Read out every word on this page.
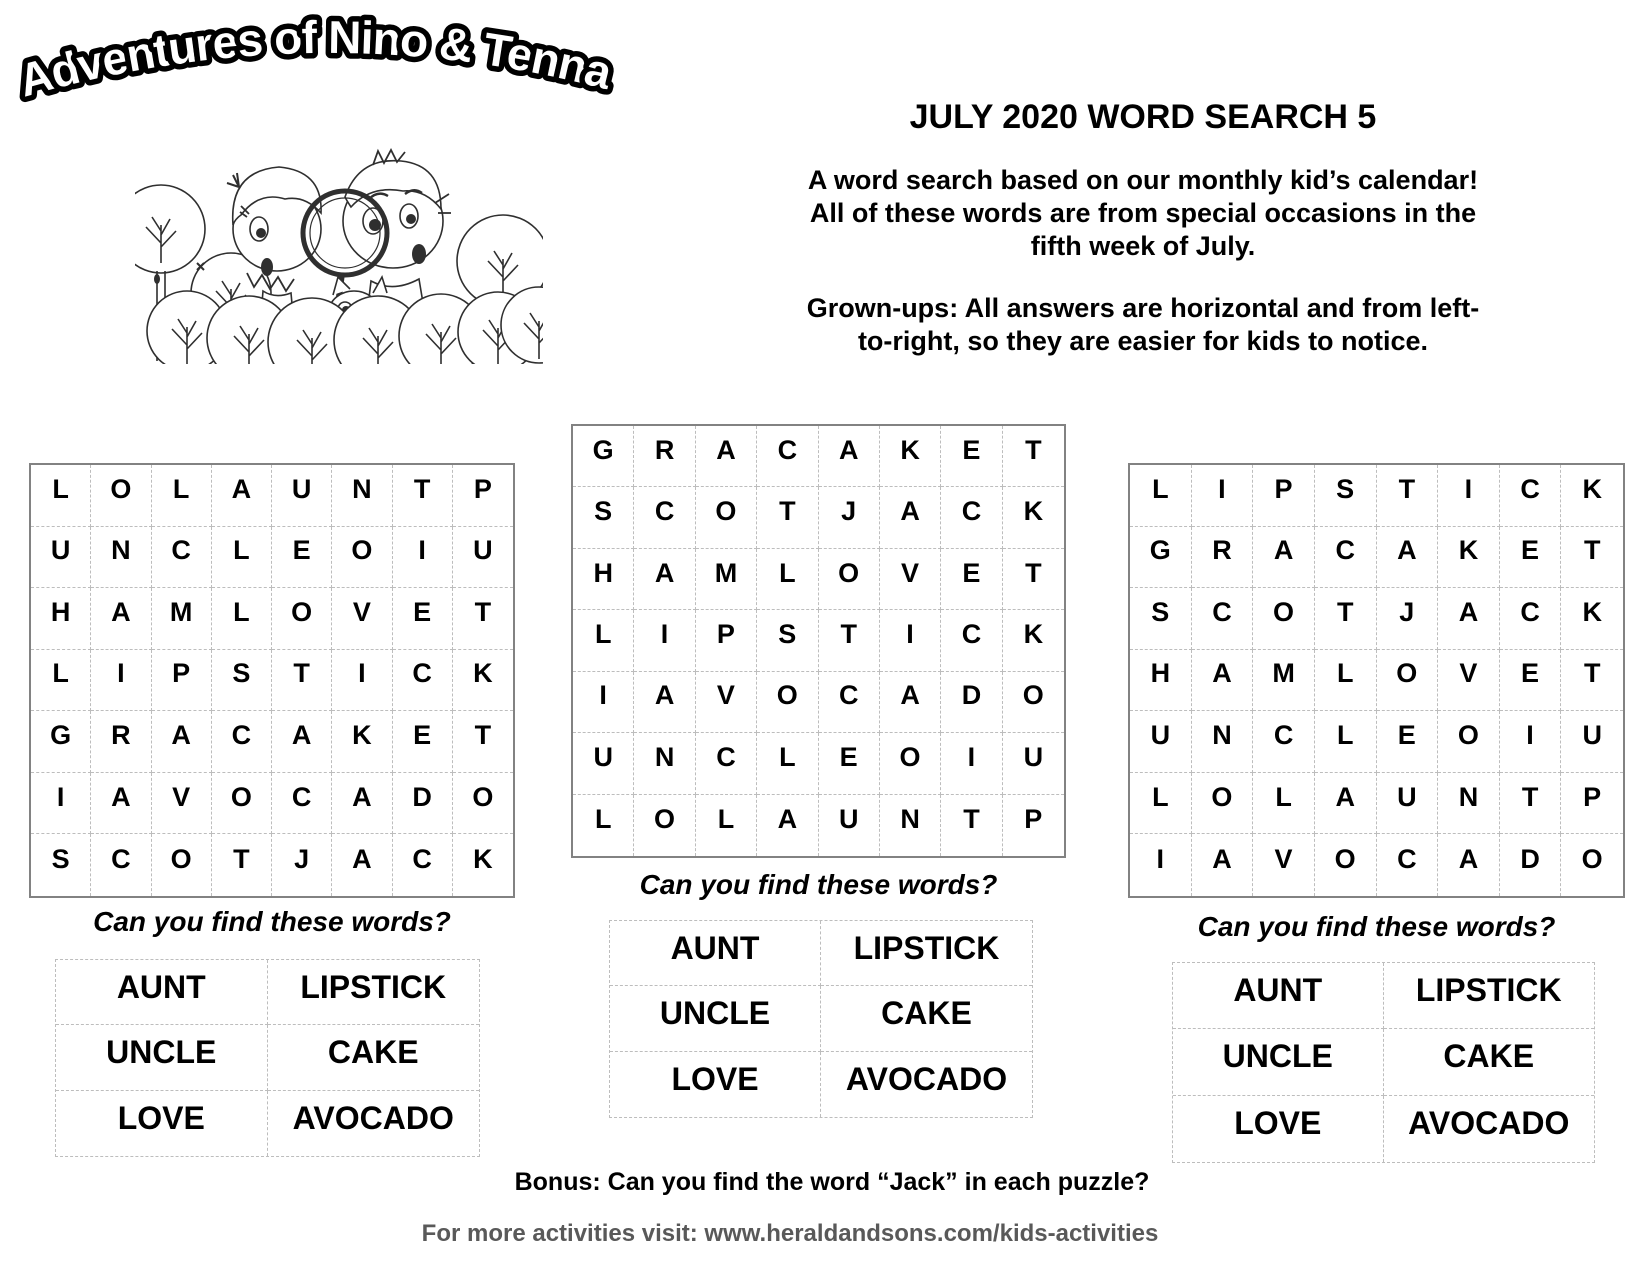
Adventures of Nino & Tenna
JULY 2020 WORD SEARCH 5
A word search based on our monthly kid’s calendar!
All of these words are from special occasions in the
fifth week of July.
Grown-ups: All answers are horizontal and from left-
to-right, so they are easier for kids to notice.
L	O	L	A	U	N	T	P
U	N	C	L	E	O	I	U
H	A	M	L	O	V	E	T
L	I	P	S	T	I	C	K
G	R	A	C	A	K	E	T
I	A	V	O	C	A	D	O
S	C	O	T	J	A	C	K
Can you find these words?
AUNT	LIPSTICK
UNCLE	CAKE
LOVE	AVOCADO
G	R	A	C	A	K	E	T
S	C	O	T	J	A	C	K
H	A	M	L	O	V	E	T
L	I	P	S	T	I	C	K
I	A	V	O	C	A	D	O
U	N	C	L	E	O	I	U
L	O	L	A	U	N	T	P
Can you find these words?
AUNT	LIPSTICK
UNCLE	CAKE
LOVE	AVOCADO
L	I	P	S	T	I	C	K
G	R	A	C	A	K	E	T
S	C	O	T	J	A	C	K
H	A	M	L	O	V	E	T
U	N	C	L	E	O	I	U
L	O	L	A	U	N	T	P
I	A	V	O	C	A	D	O
Can you find these words?
AUNT	LIPSTICK
UNCLE	CAKE
LOVE	AVOCADO
Bonus: Can you find the word “Jack” in each puzzle?
For more activities visit: www.heraldandsons.com/kids-activities
